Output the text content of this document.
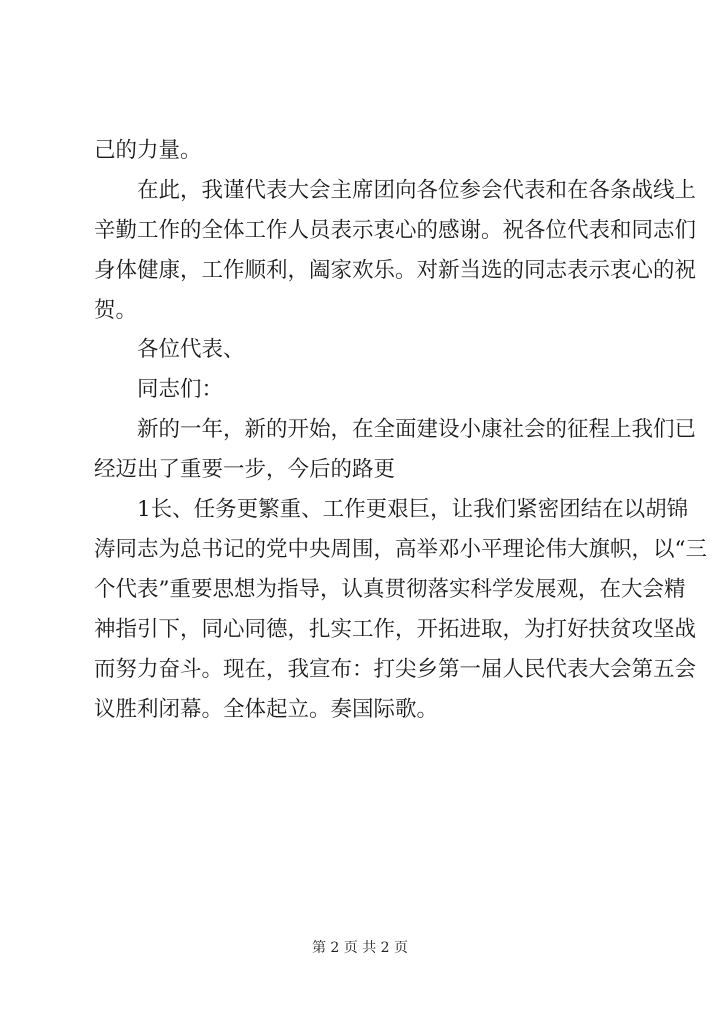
己的力量。
在此，我谨代表大会主席团向各位参会代表和在各条战线上
辛勤工作的全体工作人员表示衷心的感谢。祝各位代表和同志们
身体健康，工作顺利，阖家欢乐。对新当选的同志表示衷心的祝
贺。
各位代表、
同志们：
新的一年，新的开始，在全面建设小康社会的征程上我们已
经迈出了重要一步，今后的路更
1长、任务更繁重、工作更艰巨，让我们紧密团结在以胡锦
涛同志为总书记的党中央周围，高举邓小平理论伟大旗帜，以“三
个代表”重要思想为指导，认真贯彻落实科学发展观，在大会精
神指引下，同心同德，扎实工作，开拓进取，为打好扶贫攻坚战
而努力奋斗。现在，我宣布：打尖乡第一届人民代表大会第五会
议胜利闭幕。全体起立。奏国际歌。
第 2 页 共 2 页
